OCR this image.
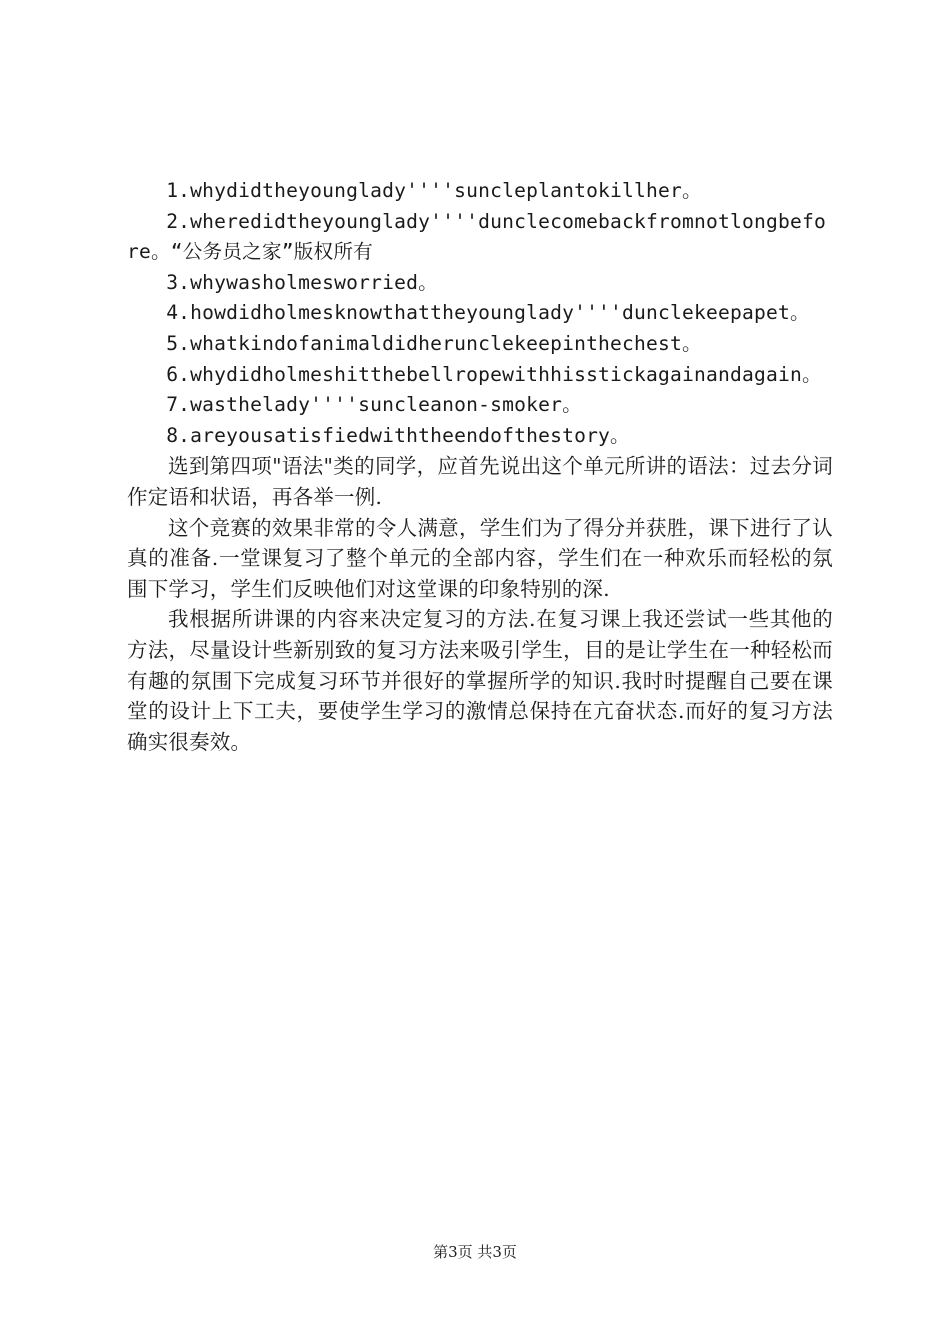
1.whydidtheyounglady''''suncleplantokillher。

2.wheredidtheyounglady''''dunclecomebackfromnotlongbefore。“公务员之家”版权所有

3.whywasholmesworried。

4.howdidholmesknowthattheyounglady''''dunclekeepapet。

5.whatkindofanimaldidherunclekeepinthechest。

6.whydidholmeshitthebellropewithhisstickagainandagain。

7.wasthelady''''suncleanon-smoker。

8.areyousatisfiedwiththeendofthestory。

选到第四项"语法"类的同学，应首先说出这个单元所讲的语法：过去分词作定语和状语，再各举一例.

这个竞赛的效果非常的令人满意，学生们为了得分并获胜，课下进行了认真的准备.一堂课复习了整个单元的全部内容，学生们在一种欢乐而轻松的氛围下学习，学生们反映他们对这堂课的印象特别的深.

我根据所讲课的内容来决定复习的方法.在复习课上我还尝试一些其他的方法，尽量设计些新别致的复习方法来吸引学生，目的是让学生在一种轻松而有趣的氛围下完成复习环节并很好的掌握所学的知识.我时时提醒自己要在课堂的设计上下工夫，要使学生学习的激情总保持在亢奋状态.而好的复习方法确实很奏效。

第3页 共3页
